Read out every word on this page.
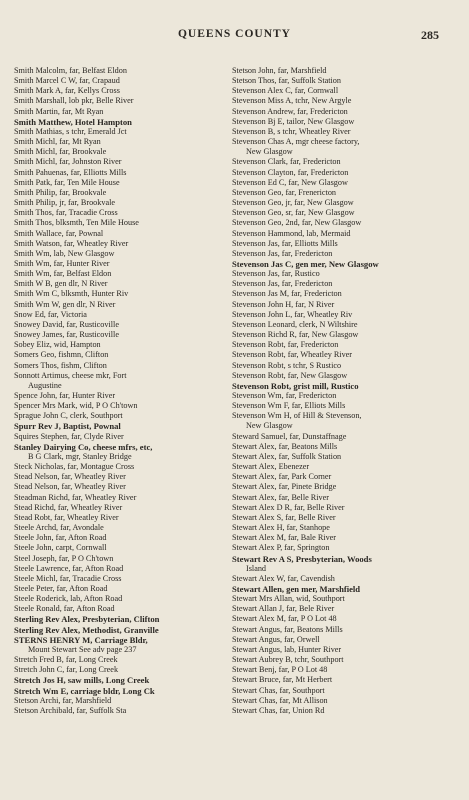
QUEENS COUNTY	285
Smith Malcolm, far, Belfast Eldon
Smith Marcel C W, far, Crapaud
Smith Mark A, far, Kellys Cross
Smith Marshall, lob pkr, Belle River
Smith Martin, far, Mt Ryan
Smith Matthew, Hotel Hampton
Smith Mathias, s tchr, Emerald Jct
Smith Michl, far, Mt Ryan
Smith Michl, far, Brookvale
Smith Michl, far, Johnston River
Smith Pahuenas, far, Elliotts Mills
Smith Patk, far, Ten Mile House
Smith Philip, far, Brookvale
Smith Philip, jr, far, Brookvale
Smith Thos, far, Tracadie Cross
Smith Thos, blksmth, Ten Mile House
Smith Wallace, far, Pownal
Smith Watson, far, Wheatley River
Smith Wm, lab, New Glasgow
Smith Wm, far, Hunter River
Smith Wm, far, Belfast Eldon
Smith W B, gen dlr, N River
Smith Wm C, blksmth, Hunter Riv
Smith Wm W, gen dlr, N River
Snow Ed, far, Victoria
Snowey David, far, Rusticoville
Snowey James, far, Rusticoville
Sobey Eliz, wid, Hampton
Somers Geo, fishmn, Clifton
Somers Thos, fishm, Clifton
Sonnott Artimus, cheese mkr, Fort
Augustine
Spence John, far, Hunter River
Spencer Mrs Mark, wid, P O Ch'town
Sprague John C, clerk, Southport
Spurr Rev J, Baptist, Pownal
Squires Stephen, far, Clyde River
Stanley Dairying Co, cheese mfrs, etc,
B G Clark, mgr, Stanley Bridge
Steck Nicholas, far, Montague Cross
Stead Nelson, far, Wheatley River
Stead Nelson, far, Wheatley River
Steadman Richd, far, Wheatley River
Stead Richd, far, Wheatley River
Stead Robt, far, Wheatley River
Steele Archd, far, Avondale
Steele John, far, Afton Road
Steele John, carpt, Cornwall
Steel Joseph, far, P O Ch'town
Steele Lawrence, far, Afton Road
Steele Michl, far, Tracadie Cross
Steele Peter, far, Afton Road
Steele Roderick, lab, Afton Road
Steele Ronald, far, Afton Road
Sterling Rev Alex, Presbyterian, Clifton
Sterling Rev Alex, Methodist, Granville
STERNS HENRY M, Carriage Bldr,
Mount Stewart See adv page 237
Stretch Fred B, far, Long Creek
Stretch John C, far, Long Creek
Stretch Jos H, saw mills, Long Creek
Stretch Wm E, carriage bldr, Long Ck
Stetson Archi, far, Marshfield
Stetson Archibald, far, Suffolk Sta
Stetson John, far, Marshfield
Stetson Thos, far, Suffolk Station
Stevenson Alex C, far, Cornwall
Stevenson Miss A, tchr, New Argyle
Stevenson Andrew, far, Fredericton
Stevenson Bj E, tailor, New Glasgow
Stevenson B, s tchr, Wheatley River
Stevenson Chas A, mgr cheese factory,
New Glasgow
Stevenson Clark, far, Fredericton
Stevenson Clayton, far, Fredericton
Stevenson Ed C, far, New Glasgow
Stevenson Geo, far, Frenericton
Stevenson Geo, jr, far, New Glasgow
Stevenson Geo, sr, far, New Glasgow
Stevenson Geo, 2nd, far, New Glasgow
Stevenson Hammond, lab, Mermaid
Stevenson Jas, far, Elliotts Mills
Stevenson Jas, far, Fredericton
Stevenson Jas C, gen mer, New Glasgow
Stevenson Jas, far, Rustico
Stevenson Jas, far, Fredericton
Stevenson Jas M, far, Fredericton
Stevenson John H, far, N River
Stevenson John L, far, Wheatley Riv
Stevenson Leonard, clerk, N Wiltshire
Stevenson Richd R, far, New Glasgow
Stevenson Robt, far, Fredericton
Stevenson Robt, far, Wheatley River
Stevenson Robt, s tchr, S Rustico
Stevenson Robt, far, New Glasgow
Stevenson Robt, grist mill, Rustico
Stevenson Wm, far, Fredericton
Stevenson Wm F, far, Elliots Mills
Stevenson Wm H, of Hill & Stevenson,
New Glasgow
Steward Samuel, far, Dunstaffnage
Stewart Alex, far, Beatons Mills
Stewart Alex, far, Suffolk Station
Stewart Alex, Ebenezer
Stewart Alex, far, Park Corner
Stewart Alex, far, Pinete Bridge
Stewart Alex, far, Belle River
Stewart Alex D R, far, Belle River
Stewart Alex S, far, Belle River
Stewart Alex H, far, Stanhope
Stewart Alex M, far, Bale River
Stewart Alex P, far, Springton
Stewart Rev A S, Presbyterian, Woods
Island
Stewart Alex W, far, Cavendish
Stewart Allen, gen mer, Marshfield
Stewart Mrs Allan, wid, Southport
Stewart Allan J, far, Bele River
Stewart Alex M, far, P O Lot 48
Stewart Angus, far, Beatons Mills
Stewart Angus, far, Orwell
Stewart Angus, lab, Hunter River
Stewart Aubrey B, tchr, Southport
Stewart Benj, far, P O Lot 48
Stewart Bruce, far, Mt Herbert
Stewart Chas, far, Southport
Stewart Chas, far, Mt Allison
Stewart Chas, far, Union Rd
